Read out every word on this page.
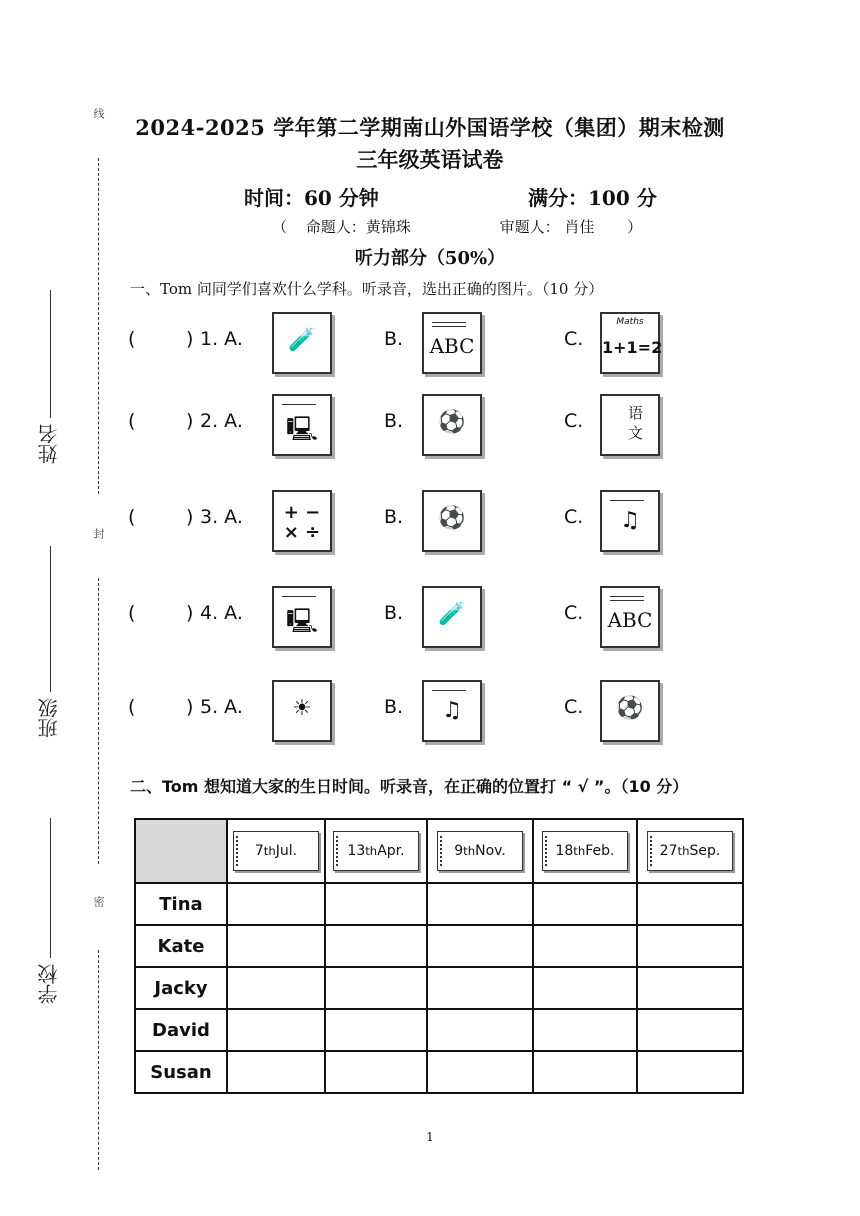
线
封
密
姓名
班级
学校
2024-2025 学年第二学期南山外国语学校（集团）期末检测
三年级英语试卷
时间：60 分钟	满分：100 分
（ 命题人：黄锦珠	审题人： 肖佳 ）
听力部分（50%）
一、Tom 问同学们喜欢什么学科。听录音，选出正确的图片。（10 分）
(	) 1. A.	B.	C.
(	) 2. A.	B.	C.
(	) 3. A.	B.	C.
(	) 4. A.	B.	C.
(	) 5. A.	B.	C.
二、Tom 想知道大家的生日时间。听录音，在正确的位置打 “ √ ”。（10 分）

	7 th Jul.	13 th Apr.	9 th Nov.	18 th Feb.	27 th Sep.

Tina					
Kate					
Jacky					
David					
Susan					
1
🧪	ABC
Maths
1+1=2
🖳	⚽	语
文
+ −
× ÷
⚽	♫
🖳	🧪	ABC
☀	♫	⚽
